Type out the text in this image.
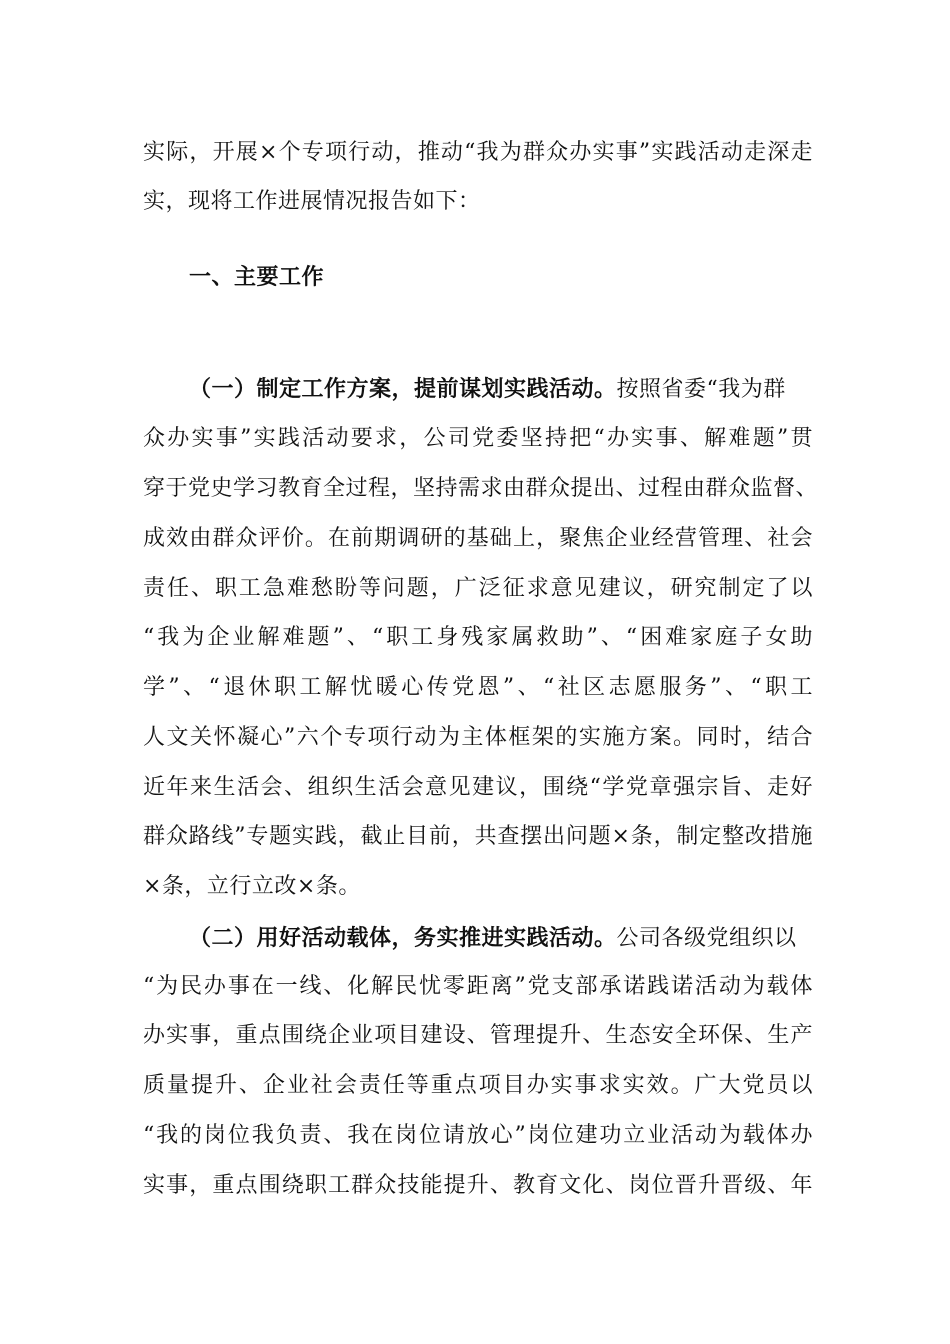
实际，开展×个专项行动，推动“我为群众办实事”实践活动走深走
实，现将工作进展情况报告如下：
一、主要工作
（一）制定工作方案，提前谋划实践活动。按照省委“我为群
众办实事”实践活动要求，公司党委坚持把“办实事、解难题”贯
穿于党史学习教育全过程，坚持需求由群众提出、过程由群众监督、
成效由群众评价。在前期调研的基础上，聚焦企业经营管理、社会
责任、职工急难愁盼等问题，广泛征求意见建议，研究制定了以
“我为企业解难题”、“职工身残家属救助”、“困难家庭子女助
学”、“退休职工解忧暖心传党恩”、“社区志愿服务”、“职工
人文关怀凝心”六个专项行动为主体框架的实施方案。同时，结合
近年来生活会、组织生活会意见建议，围绕“学党章强宗旨、走好
群众路线”专题实践，截止目前，共查摆出问题×条，制定整改措施
×条，立行立改×条。
（二）用好活动载体，务实推进实践活动。公司各级党组织以
“为民办事在一线、化解民忧零距离”党支部承诺践诺活动为载体
办实事，重点围绕企业项目建设、管理提升、生态安全环保、生产
质量提升、企业社会责任等重点项目办实事求实效。广大党员以
“我的岗位我负责、我在岗位请放心”岗位建功立业活动为载体办
实事，重点围绕职工群众技能提升、教育文化、岗位晋升晋级、年
